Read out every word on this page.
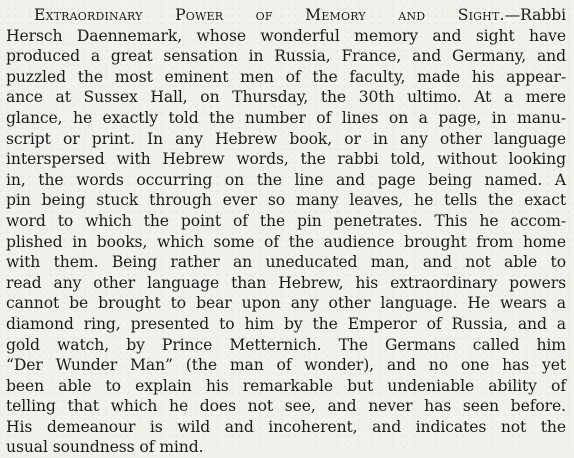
Extraordinary Power of Memory and Sight.—Rabbi
Hersch Daennemark, whose wonderful memory and sight have
produced a great sensation in Russia, France, and Germany, and
puzzled the most eminent men of the faculty, made his appear-
ance at Sussex Hall, on Thursday, the 30th ultimo. At a mere
glance, he exactly told the number of lines on a page, in manu-
script or print. In any Hebrew book, or in any other language
interspersed with Hebrew words, the rabbi told, without looking
in, the words occurring on the line and page being named. A
pin being stuck through ever so many leaves, he tells the exact
word to which the point of the pin penetrates. This he accom-
plished in books, which some of the audience brought from home
with them. Being rather an uneducated man, and not able to
read any other language than Hebrew, his extraordinary powers
cannot be brought to bear upon any other language. He wears a
diamond ring, presented to him by the Emperor of Russia, and a
gold watch, by Prince Metternich. The Germans called him
“Der Wunder Man” (the man of wonder), and no one has yet
been able to explain his remarkable but undeniable ability of
telling that which he does not see, and never has seen before.
His demeanour is wild and incoherent, and indicates not the
usual soundness of mind.
